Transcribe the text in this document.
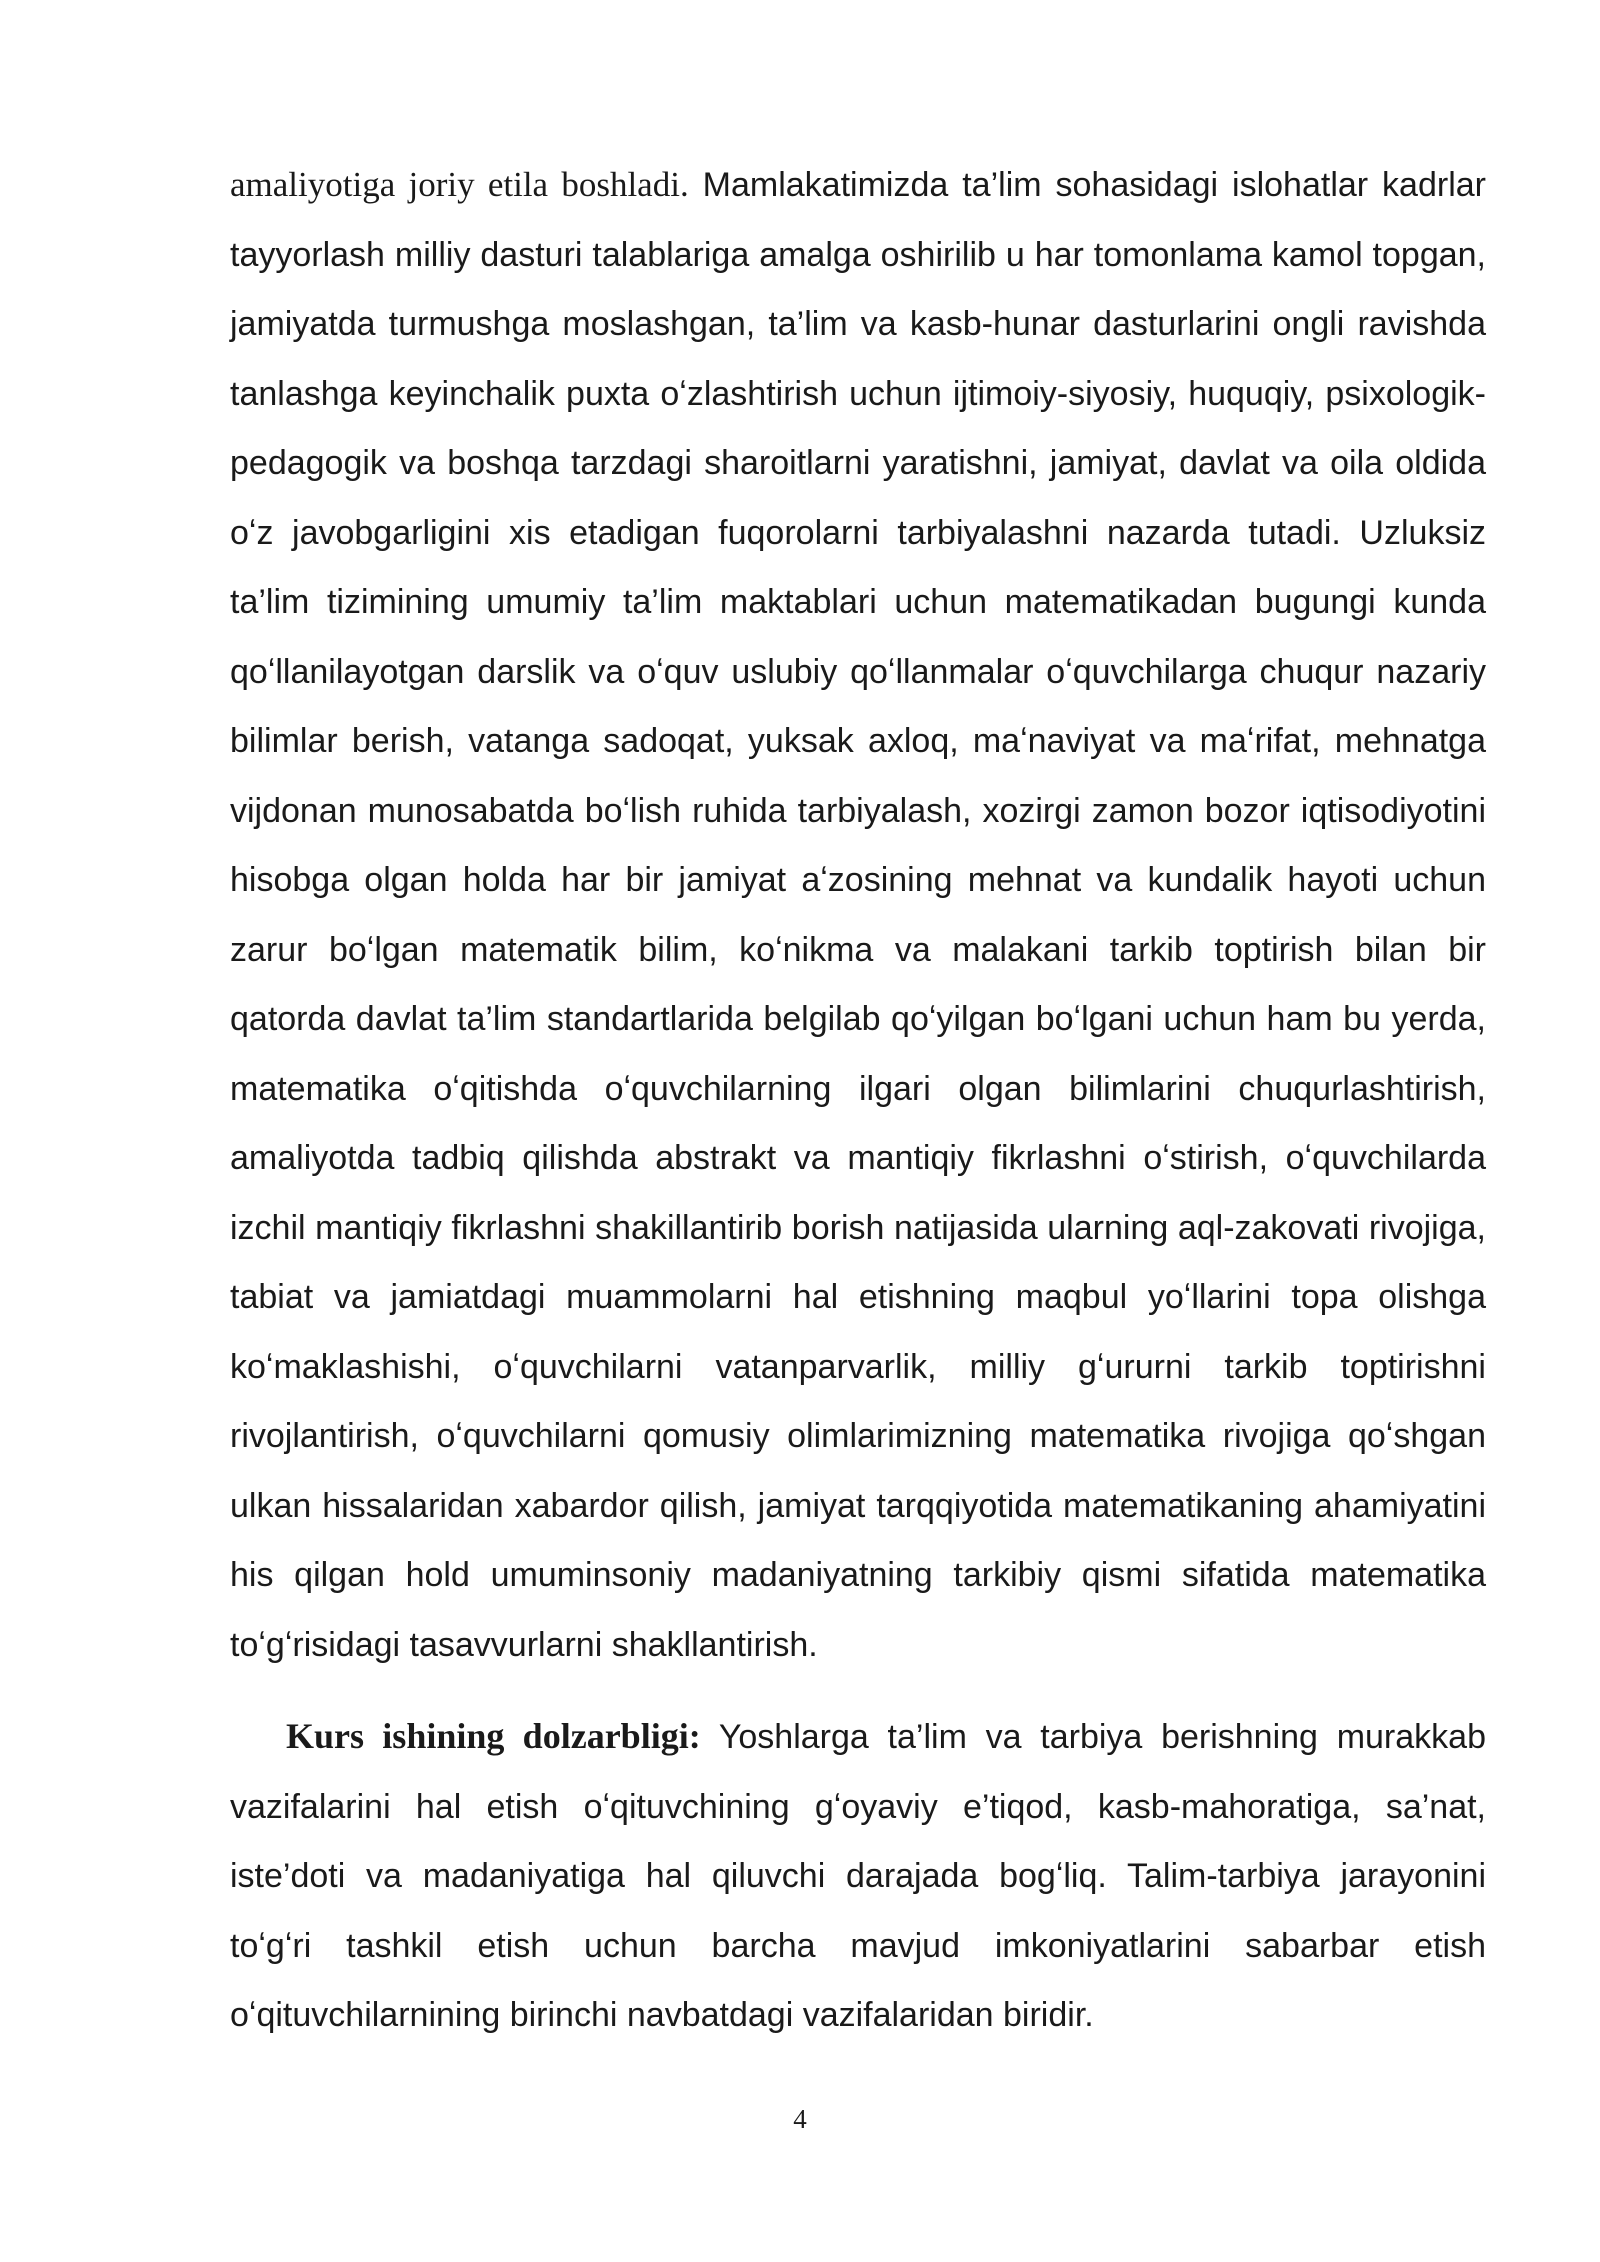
amaliyotiga joriy etila boshladi. Mamlakatimizda ta’lim sohasidagi islohatlar kadrlar tayyorlash milliy dasturi talablariga amalga oshirilib u har tomonlama kamol topgan, jamiyatda turmushga moslashgan, ta’lim va kasb-hunar dasturlarini ongli ravishda tanlashga keyinchalik puxta oʻzlashtirish uchun ijtimoiy-siyosiy, huquqiy, psixologik-pedagogik va boshqa tarzdagi sharoitlarni yaratishni, jamiyat, davlat va oila oldida oʻz javobgarligini xis etadigan fuqorolarni tarbiyalashni nazarda tutadi. Uzluksiz ta’lim tizimining umumiy ta’lim maktablari uchun matematikadan bugungi kunda qoʻllanilayotgan darslik va oʻquv uslubiy qoʻllanmalar oʻquvchilarga chuqur nazariy bilimlar berish, vatanga sadoqat, yuksak axloq, maʻnaviyat va maʻrifat, mehnatga vijdonan munosabatda boʻlish ruhida tarbiyalash, xozirgi zamon bozor iqtisodiyotini hisobga olgan holda har bir jamiyat aʻzosining mehnat va kundalik hayoti uchun zarur boʻlgan matematik bilim, koʻnikma va malakani tarkib toptirish bilan bir qatorda davlat ta’lim standartlarida belgilab qoʻyilgan boʻlgani uchun ham bu yerda, matematika oʻqitishda oʻquvchilarning ilgari olgan bilimlarini chuqurlashtirish, amaliyotda tadbiq qilishda abstrakt va mantiqiy fikrlashni oʻstirish, oʻquvchilarda izchil mantiqiy fikrlashni shakillantirib borish natijasida ularning aql-zakovati rivojiga, tabiat va jamiatdagi muammolarni hal etishning maqbul yoʻllarini topa olishga koʻmaklashishi, oʻquvchilarni vatanparvarlik, milliy gʻururni tarkib toptirishni rivojlantirish, oʻquvchilarni qomusiy olimlarimizning matematika rivojiga qoʻshgan ulkan hissalaridan xabardor qilish, jamiyat tarqqiyotida matematikaning ahamiyatini his qilgan hold umuminsoniy madaniyatning tarkibiy qismi sifatida matematika toʻgʻrisidagi tasavvurlarni shakllantirish.

Kurs ishining dolzarbligi: Yoshlarga ta’lim va tarbiya berishning murakkab vazifalarini hal etish oʻqituvchining gʻoyaviy e’tiqod, kasb-mahoratiga, sa’nat, iste’doti va madaniyatiga hal qiluvchi darajada bogʻliq. Talim-tarbiya jarayonini toʻgʻri tashkil etish uchun barcha mavjud imkoniyatlarini sabarbar etish oʻqituvchilarnining birinchi navbatdagi vazifalaridan biridir.

4
